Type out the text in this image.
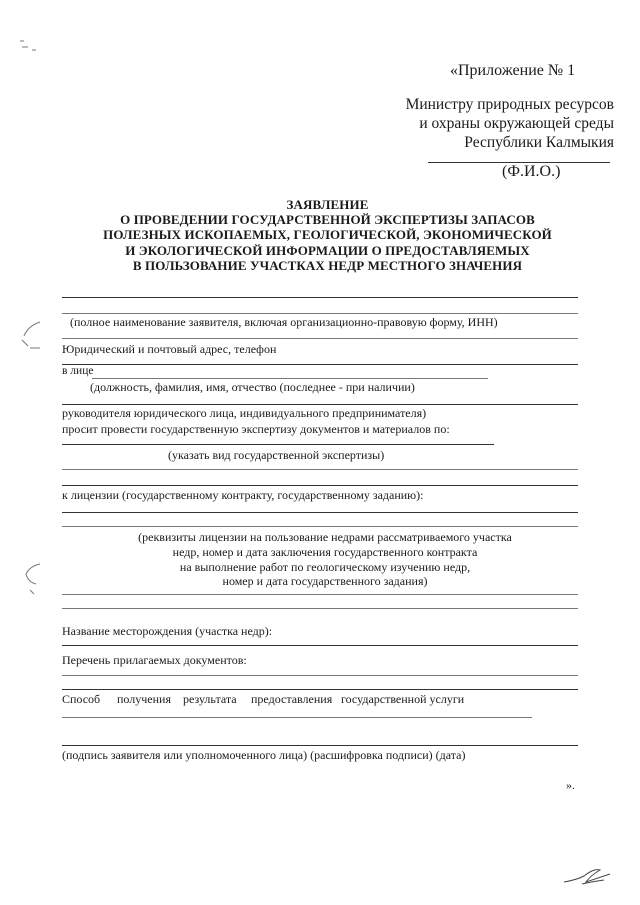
«Приложение № 1
Министру природных ресурсов
и охраны окружающей среды
Республики Калмыкия
(Ф.И.О.)
ЗАЯВЛЕНИЕ
О ПРОВЕДЕНИИ ГОСУДАРСТВЕННОЙ ЭКСПЕРТИЗЫ ЗАПАСОВ
ПОЛЕЗНЫХ ИСКОПАЕМЫХ, ГЕОЛОГИЧЕСКОЙ, ЭКОНОМИЧЕСКОЙ
И ЭКОЛОГИЧЕСКОЙ ИНФОРМАЦИИ О ПРЕДОСТАВЛЯЕМЫХ
В ПОЛЬЗОВАНИЕ УЧАСТКАХ НЕДР МЕСТНОГО ЗНАЧЕНИЯ
(полное наименование заявителя, включая организационно-правовую форму, ИНН)
Юридический и почтовый адрес, телефон
в лице
(должность, фамилия, имя, отчество (последнее - при наличии)
руководителя юридического лица, индивидуального предпринимателя)
просит провести государственную экспертизу документов и материалов по:
(указать вид государственной экспертизы)
к лицензии (государственному контракту, государственному заданию):
(реквизиты лицензии на пользование недрами рассматриваемого участка
недр, номер и дата заключения государственного контракта
на выполнение работ по геологическому изучению недр,
номер и дата государственного задания)
Название месторождения (участка недр):
Перечень прилагаемых документов:
Способ получения результата предоставления государственной услуги
(подпись заявителя или уполномоченного лица) (расшифровка подписи) (дата)
».
